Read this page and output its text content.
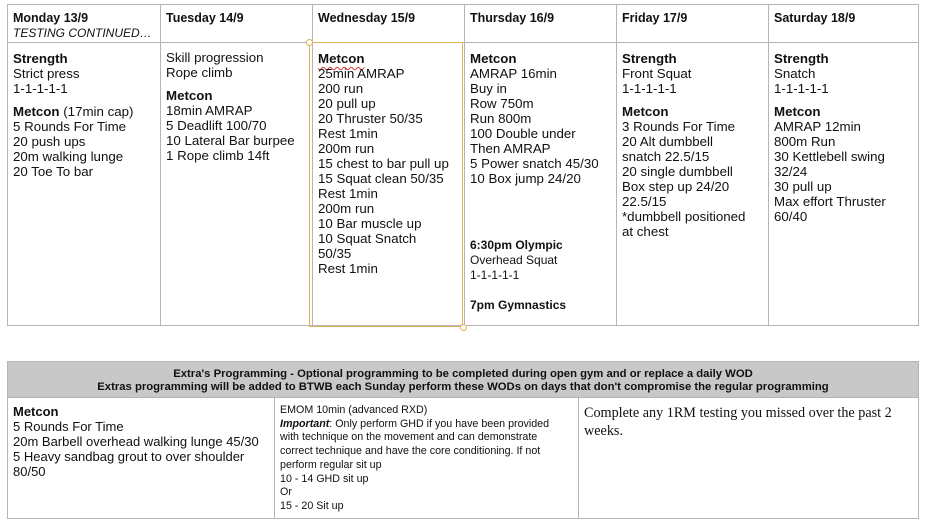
Monday 13/9
TESTING CONTINUED…
Strength
Strict press
1-1-1-1-1
Metcon (17min cap)
5 Rounds For Time
20 push ups
20m walking lunge
20 Toe To bar
Tuesday 14/9
Skill progression
Rope climb
Metcon
18min AMRAP
5 Deadlift 100/70
10 Lateral Bar burpee
1 Rope climb 14ft
Wednesday 15/9
Metcon
25min AMRAP
200 run
20 pull up
20 Thruster 50/35
Rest 1min
200m run
15 chest to bar pull up
15 Squat clean 50/35
Rest 1min
200m run
10 Bar muscle up
10 Squat Snatch
50/35
Rest 1min
Thursday 16/9
Metcon
AMRAP 16min
Buy in
Row 750m
Run 800m
100 Double under
Then AMRAP
5 Power snatch 45/30
10 Box jump 24/20
6:30pm Olympic
Overhead Squat
1-1-1-1-1
7pm Gymnastics
Friday 17/9
Strength
Front Squat
1-1-1-1-1
Metcon
3 Rounds For Time
20 Alt dumbbell
snatch 22.5/15
20 single dumbbell
Box step up 24/20
22.5/15
*dumbbell positioned
at chest
Saturday 18/9
Strength
Snatch
1-1-1-1-1
Metcon
AMRAP 12min
800m Run
30 Kettlebell swing
32/24
30 pull up
Max effort Thruster
60/40
Extra's Programming - Optional programming to be completed during open gym and or replace a daily WOD
Extras programming will be added to BTWB each Sunday perform these WODs on days that don't compromise the regular programming
Metcon
5 Rounds For Time
20m Barbell overhead walking lunge 45/30
5 Heavy sandbag grout to over shoulder
80/50
EMOM 10min (advanced RXD)
Important: Only perform GHD if you have been provided with technique on the movement and can demonstrate correct technique and have the core conditioning. If not perform regular sit up
10 - 14 GHD sit up
Or
15 - 20 Sit up
Complete any 1RM testing you missed over the past 2 weeks.
